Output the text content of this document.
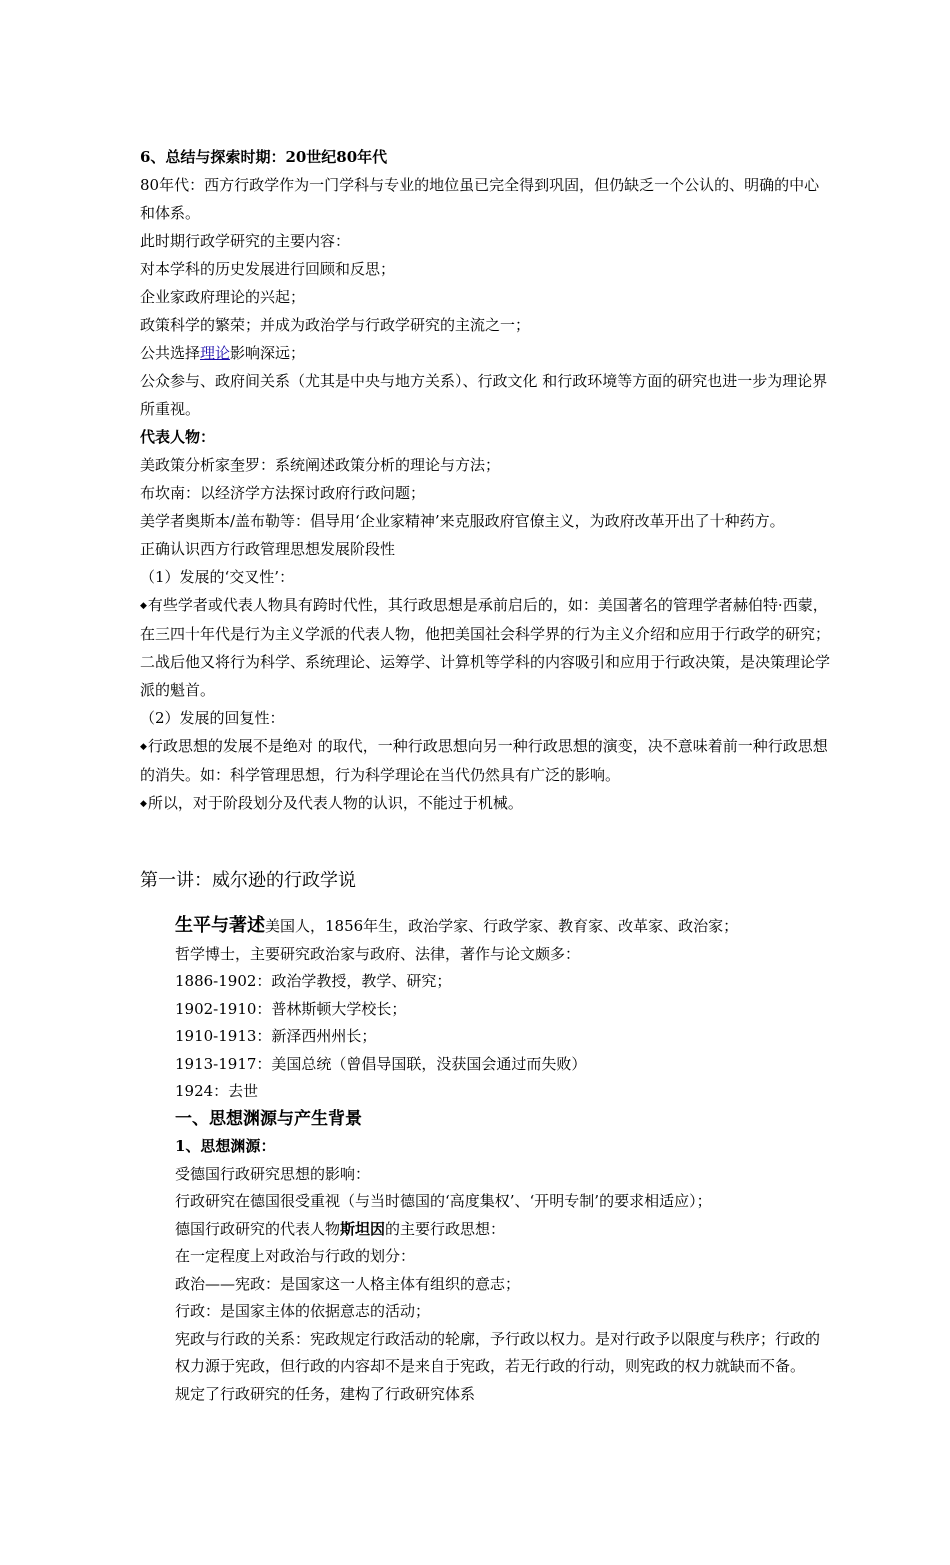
6、总结与探索时期：20世纪80年代

80年代：西方行政学作为一门学科与专业的地位虽已完全得到巩固，但仍缺乏一个公认的、明确的中心和体系。

此时期行政学研究的主要内容：

对本学科的历史发展进行回顾和反思；

企业家政府理论的兴起；

政策科学的繁荣；并成为政治学与行政学研究的主流之一；

公共选择理论影响深远；

公众参与、政府间关系（尤其是中央与地方关系）、行政文化 和行政环境等方面的研究也进一步为理论界所重视。

代表人物：

美政策分析家奎罗：系统阐述政策分析的理论与方法；

布坎南：以经济学方法探讨政府行政问题；

美学者奥斯本/盖布勒等：倡导用‘企业家精神’来克服政府官僚主义，为政府改革开出了十种药方。

正确认识西方行政管理思想发展阶段性

（1）发展的‘交叉性’：

◆有些学者或代表人物具有跨时代性，其行政思想是承前启后的，如：美国著名的管理学者赫伯特·西蒙，在三四十年代是行为主义学派的代表人物，他把美国社会科学界的行为主义介绍和应用于行政学的研究；二战后他又将行为科学、系统理论、运筹学、计算机等学科的内容吸引和应用于行政决策，是决策理论学派的魁首。

（2）发展的回复性：

◆行政思想的发展不是绝对 的取代，一种行政思想向另一种行政思想的演变，决不意味着前一种行政思想的消失。如：科学管理思想，行为科学理论在当代仍然具有广泛的影响。

◆所以，对于阶段划分及代表人物的认识，不能过于机械。

第一讲：威尔逊的行政学说

生平与著述美国人，1856年生，政治学家、行政学家、教育家、改革家、政治家；

哲学博士，主要研究政治家与政府、法律，著作与论文颇多：

1886-1902：政治学教授，教学、研究；

1902-1910：普林斯顿大学校长；

1910-1913：新泽西州州长；

1913-1917：美国总统（曾倡导国联，没获国会通过而失败）

1924：去世

一、思想渊源与产生背景

1、思想渊源：

受德国行政研究思想的影响：

行政研究在德国很受重视（与当时德国的‘高度集权’、‘开明专制’的要求相适应）；

德国行政研究的代表人物斯坦因的主要行政思想：

在一定程度上对政治与行政的划分：

政治——宪政：是国家这一人格主体有组织的意志；

行政：是国家主体的依据意志的活动；

宪政与行政的关系：宪政规定行政活动的轮廓，予行政以权力。是对行政予以限度与秩序；行政的权力源于宪政，但行政的内容却不是来自于宪政，若无行政的行动，则宪政的权力就缺而不备。

规定了行政研究的任务，建构了行政研究体系
